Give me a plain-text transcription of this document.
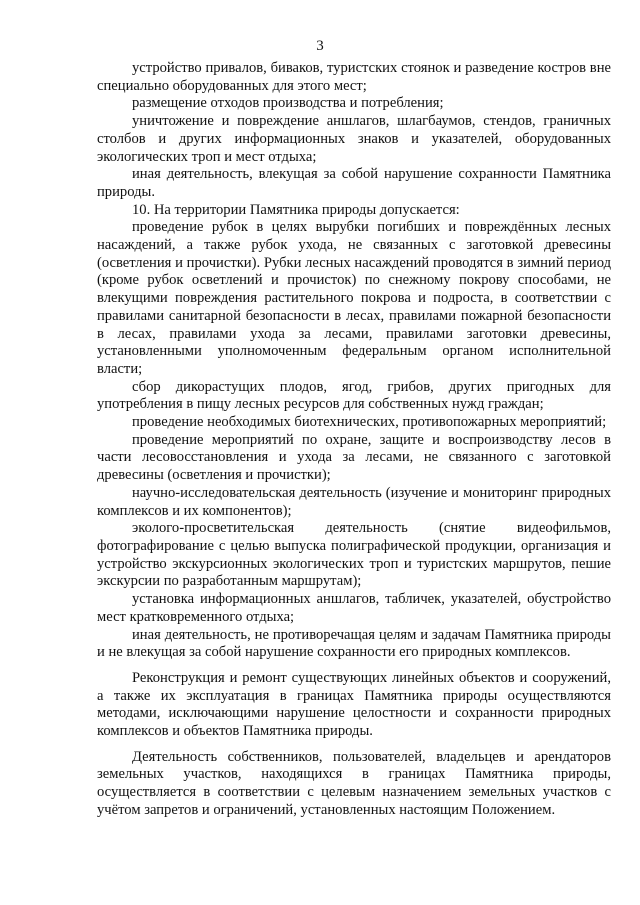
3

устройство привалов, биваков, туристских стоянок и разведение костров вне специально оборудованных для этого мест;

размещение отходов производства и потребления;

уничтожение и повреждение аншлагов, шлагбаумов, стендов, граничных столбов и других информационных знаков и указателей, оборудованных экологических троп и мест отдыха;

иная деятельность, влекущая за собой нарушение сохранности Памятника природы.

10. На территории Памятника природы допускается:

проведение рубок в целях вырубки погибших и повреждённых лесных насаждений, а также рубок ухода, не связанных с заготовкой древесины (осветления и прочистки). Рубки лесных насаждений проводятся в зимний период (кроме рубок осветлений и прочисток) по снежному покрову способами, не влекущими повреждения растительного покрова и подроста, в соответствии с правилами санитарной безопасности в лесах, правилами пожарной безопасности в лесах, правилами ухода за лесами, правилами заготовки древесины, установленными уполномоченным федеральным органом исполнительной власти;

сбор дикорастущих плодов, ягод, грибов, других пригодных для употребления в пищу лесных ресурсов для собственных нужд граждан;

проведение необходимых биотехнических, противопожарных мероприятий;

проведение мероприятий по охране, защите и воспроизводству лесов в части лесовосстановления и ухода за лесами, не связанного с заготовкой древесины (осветления и прочистки);

научно-исследовательская деятельность (изучение и мониторинг природных комплексов и их компонентов);

эколого-просветительская деятельность (снятие видеофильмов, фотографирование с целью выпуска полиграфической продукции, организация и устройство экскурсионных экологических троп и туристских маршрутов, пешие экскурсии по разработанным маршрутам);

установка информационных аншлагов, табличек, указателей, обустройство мест кратковременного отдыха;

иная деятельность, не противоречащая целям и задачам Памятника природы и не влекущая за собой нарушение сохранности его природных комплексов.

Реконструкция и ремонт существующих линейных объектов и сооружений, а также их эксплуатация в границах Памятника природы осуществляются методами, исключающими нарушение целостности и сохранности природных комплексов и объектов Памятника природы.

Деятельность собственников, пользователей, владельцев и арендаторов земельных участков, находящихся в границах Памятника природы, осуществляется в соответствии с целевым назначением земельных участков с учётом запретов и ограничений, установленных настоящим Положением.
